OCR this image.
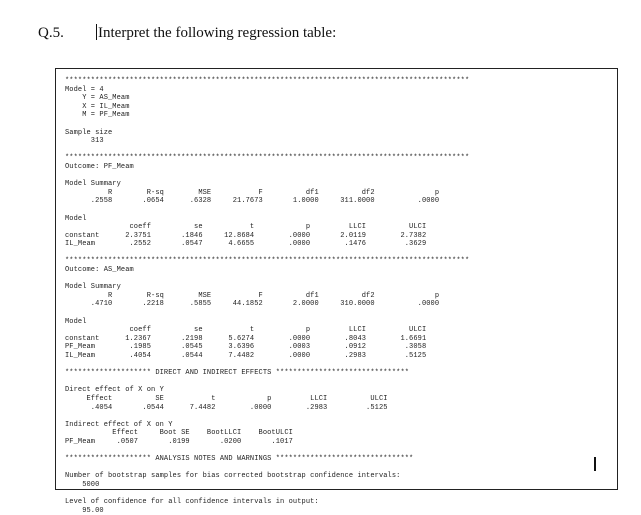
Q.5. Interpret the following regression table:
**********************************************************************************************
Model = 4
Y = AS_Meam
X = IL_Meam
M = PF_Meam

Sample size
313

**********************************************************************************************
Outcome: PF_Meam

Model Summary
R        R-sq        MSE           F          df1          df2              p
.2558       .0654      .6328     21.7673       1.0000     311.0000          .0000

Model
coeff          se           t            p         LLCI          ULCI
constant      2.3751       .1846     12.8684        .0000       2.0119        2.7382
IL_Meam        .2552       .0547      4.6655        .0000        .1476         .3629

**********************************************************************************************
Outcome: AS_Meam

Model Summary
R        R-sq        MSE           F          df1          df2              p
.4710       .2218      .5855     44.1852       2.0000     310.0000          .0000

Model
coeff          se           t            p         LLCI          ULCI
constant      1.2367       .2198      5.6274        .0000        .8043        1.6691
PF_Meam        .1985       .0545      3.6396        .0003        .0912         .3058
IL_Meam        .4054       .0544      7.4482        .0000        .2983         .5125

******************** DIRECT AND INDIRECT EFFECTS *******************************

Direct effect of X on Y
Effect          SE           t            p         LLCI          ULCI
.4054       .0544      7.4482        .0000        .2983         .5125

Indirect effect of X on Y
Effect     Boot SE    BootLLCI    BootULCI
PF_Meam     .0507       .0199       .0200       .1017

******************** ANALYSIS NOTES AND WARNINGS ********************************

Number of bootstrap samples for bias corrected bootstrap confidence intervals:
5000

Level of confidence for all confidence intervals in output:
95.00
